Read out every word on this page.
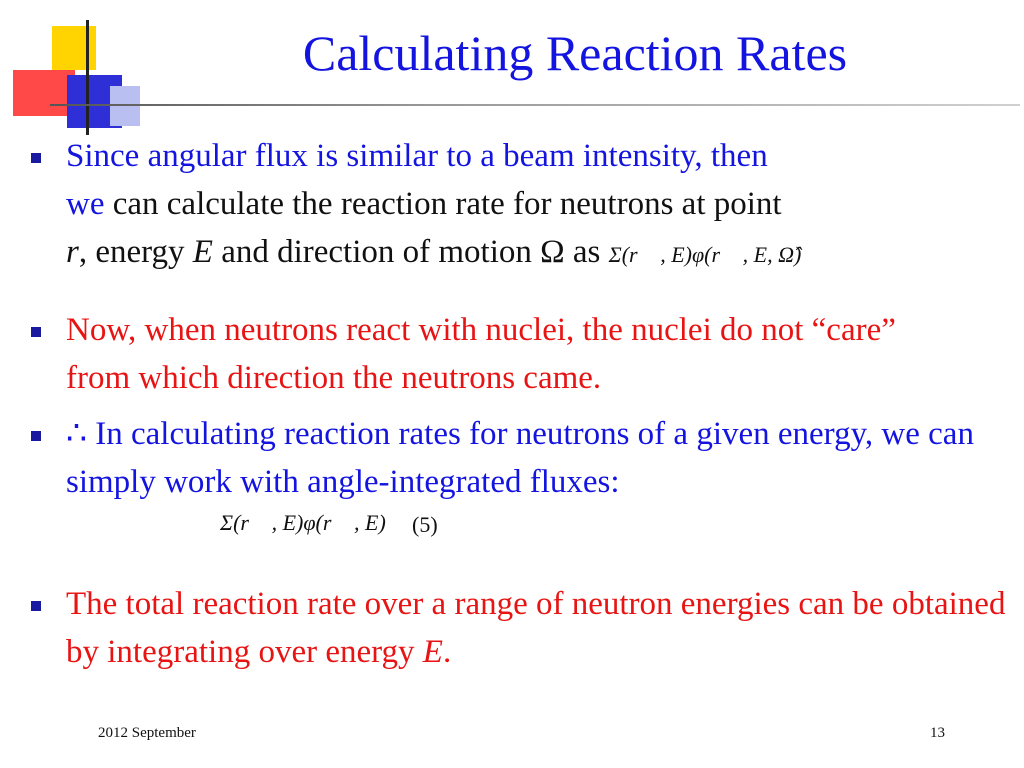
Calculating Reaction Rates
Since angular flux is similar to a beam intensity, then
we can calculate the reaction rate for neutrons at point
r, energy E and direction of motion Ω as Σ(r⃗ , E)φ(r⃗ , E, Ω̂)
Now, when neutrons react with nuclei, the nuclei do not “care” from which direction the neutrons came.
∴ In calculating reaction rates for neutrons of a given energy, we can simply work with angle-integrated fluxes:
Σ(r⃗ , E)φ(r⃗ , E) (5)
The total reaction rate over a range of neutron energies can be obtained by integrating over energy E.
2012 September	13
